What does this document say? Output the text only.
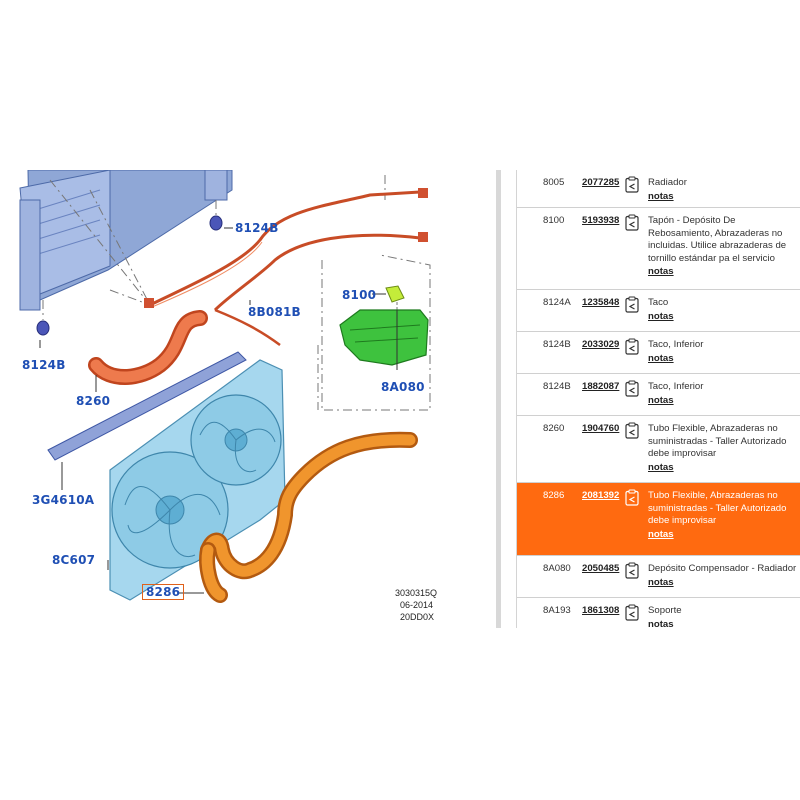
8124B
8124B
8B081B
8260
8100
8A080
3G4610A
8C607
8286	3030315Q
06-2014
20DD0X
8005	2077285	Radiador
notas
8100	5193938	Tapón - Depósito De Rebosamiento, Abrazaderas no incluidas. Utilice abrazaderas de tornillo estándar pa el servicio
notas
8124A	1235848	Taco
notas
8124B	2033029	Taco, Inferior
notas
8124B	1882087	Taco, Inferior
notas
8260	1904760	Tubo Flexible, Abrazaderas no suministradas - Taller Autorizado debe improvisar
notas
8286	2081392	Tubo Flexible, Abrazaderas no suministradas - Taller Autorizado debe improvisar
notas
8A080	2050485	Depósito Compensador - Radiador
notas
8A193	1861308	Soporte
notas
